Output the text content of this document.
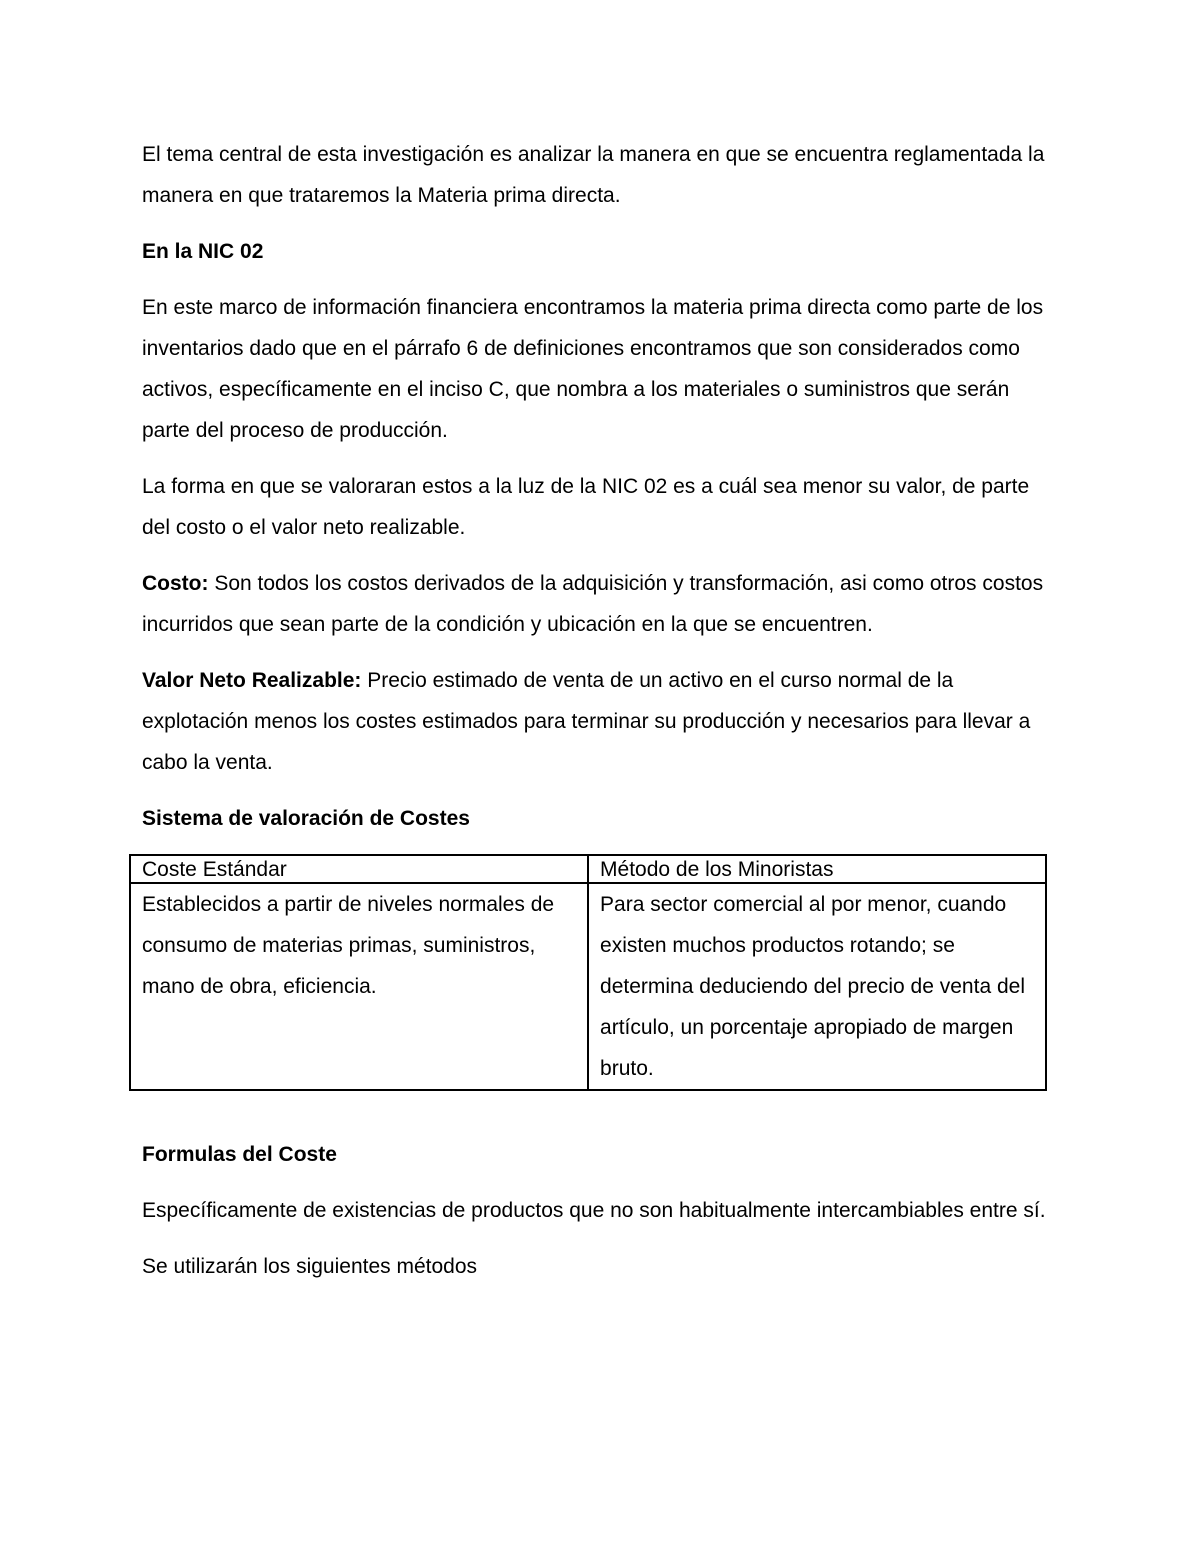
El tema central de esta investigación es analizar la manera en que se encuentra reglamentada la manera en que trataremos la Materia prima directa.

En la NIC 02

En este marco de información financiera encontramos la materia prima directa como parte de los inventarios dado que en el párrafo 6 de definiciones encontramos que son considerados como activos, específicamente en el inciso C, que nombra a los materiales o suministros que serán parte del proceso de producción.

La forma en que se valoraran estos a la luz de la NIC 02 es a cuál sea menor su valor, de parte del costo o el valor neto realizable.

Costo: Son todos los costos derivados de la adquisición y transformación, asi como otros costos incurridos que sean parte de la condición y ubicación en la que se encuentren.

Valor Neto Realizable: Precio estimado de venta de un activo en el curso normal de la explotación menos los costes estimados para terminar su producción y necesarios para llevar a cabo la venta.

Sistema de valoración de Costes

Coste Estándar	Método de los Minoristas
Establecidos a partir de niveles normales de consumo de materias primas, suministros, mano de obra, eficiencia.	Para sector comercial al por menor, cuando existen muchos productos rotando; se determina deduciendo del precio de venta del artículo, un porcentaje apropiado de margen bruto.

Formulas del Coste

Específicamente de existencias de productos que no son habitualmente intercambiables entre sí.

Se utilizarán los siguientes métodos
